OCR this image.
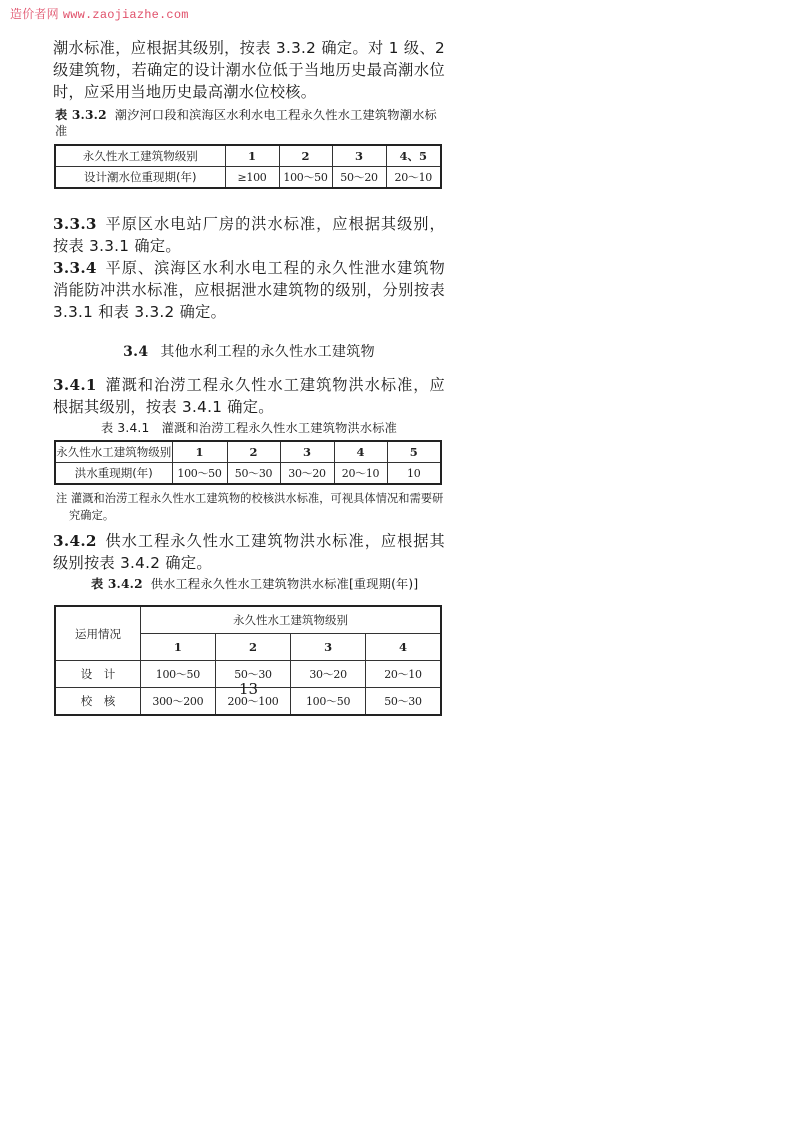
造价者网 www.zaojiazhe.com

潮水标准，应根据其级别，按表 3.3.2 确定。对 1 级、2 级建筑物，若确定的设计潮水位低于当地历史最高潮水位时，应采用当地历史最高潮水位校核。

表 3.3.2 潮汐河口段和滨海区水利水电工程永久性水工建筑物潮水标准

永久性水工建筑物级别	1	2	3	4、5
设计潮水位重现期(年)	≥100	100～50	50～20	20～10

3.3.3 平原区水电站厂房的洪水标准，应根据其级别，按表 3.3.1 确定。

3.3.4 平原、滨海区水利水电工程的永久性泄水建筑物消能防冲洪水标准，应根据泄水建筑物的级别，分别按表 3.3.1 和表 3.3.2 确定。

3.4 其他水利工程的永久性水工建筑物

3.4.1 灌溉和治涝工程永久性水工建筑物洪水标准，应根据其级别，按表 3.4.1 确定。

表 3.4.1 灌溉和治涝工程永久性水工建筑物洪水标准

永久性水工建筑物级别	1	2	3	4	5
洪水重现期(年)	100～50	50～30	30～20	20～10	10

注 灌溉和治涝工程永久性水工建筑物的校核洪水标准，可视具体情况和需要研究确定。

3.4.2 供水工程永久性水工建筑物洪水标准，应根据其级别按表 3.4.2 确定。

表 3.4.2 供水工程永久性水工建筑物洪水标准[重现期(年)]

运用情况	永久性水工建筑物级别			
	1	2	3	4
设　计	100～50	50～30	30～20	20～10
校　核	300～200	200～100	100～50	50～30
13
